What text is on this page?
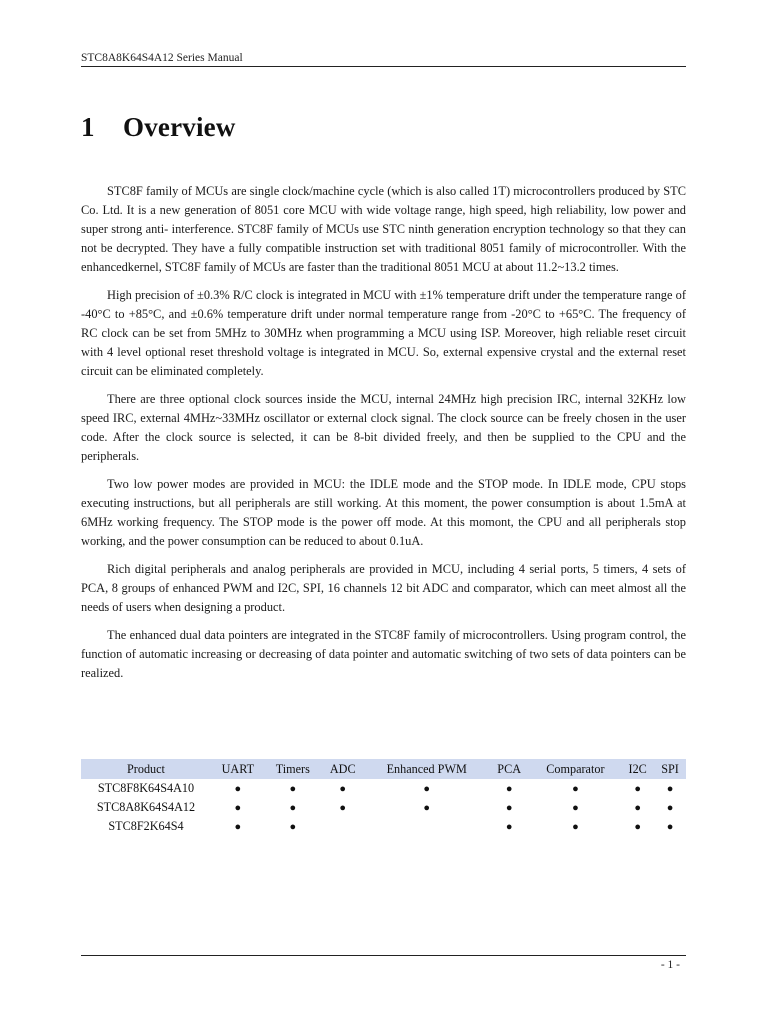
STC8A8K64S4A12 Series Manual
1 Overview

STC8F family of MCUs are single clock/machine cycle (which is also called 1T) microcontrollers produced by STC Co. Ltd. It is a new generation of 8051 core MCU with wide voltage range, high speed, high reliability, low power and super strong anti- interference. STC8F family of MCUs use STC ninth generation encryption technology so that they can not be decrypted. They have a fully compatible instruction set with traditional 8051 family of microcontroller. With the enhancedkernel, STC8F family of MCUs are faster than the traditional 8051 MCU at about 11.2~13.2 times.

High precision of ±0.3% R/C clock is integrated in MCU with ±1% temperature drift under the temperature range of -40°C to +85°C, and ±0.6% temperature drift under normal temperature range from -20°C to +65°C. The frequency of RC clock can be set from 5MHz to 30MHz when programming a MCU using ISP. Moreover, high reliable reset circuit with 4 level optional reset threshold voltage is integrated in MCU. So, external expensive crystal and the external reset circuit can be eliminated completely.

There are three optional clock sources inside the MCU, internal 24MHz high precision IRC, internal 32KHz low speed IRC, external 4MHz~33MHz oscillator or external clock signal. The clock source can be freely chosen in the user code. After the clock source is selected, it can be 8-bit divided freely, and then be supplied to the CPU and the peripherals.

Two low power modes are provided in MCU: the IDLE mode and the STOP mode. In IDLE mode, CPU stops executing instructions, but all peripherals are still working. At this moment, the power consumption is about 1.5mA at 6MHz working frequency. The STOP mode is the power off mode. At this momont, the CPU and all peripherals stop working, and the power consumption can be reduced to about 0.1uA.

Rich digital peripherals and analog peripherals are provided in MCU, including 4 serial ports, 5 timers, 4 sets of PCA, 8 groups of enhanced PWM and I2C, SPI, 16 channels 12 bit ADC and comparator, which can meet almost all the needs of users when designing a product.

The enhanced dual data pointers are integrated in the STC8F family of microcontrollers. Using program control, the function of automatic increasing or decreasing of data pointer and automatic switching of two sets of data pointers can be realized.

Product	UART	Timers	ADC	Enhanced PWM	PCA	Comparator	I2C	SPI
STC8F8K64S4A10	●	●	●	●	●	●	●	●
STC8A8K64S4A12	●	●	●	●	●	●	●	●
STC8F2K64S4	●	●			●	●	●	●
- 1 -
